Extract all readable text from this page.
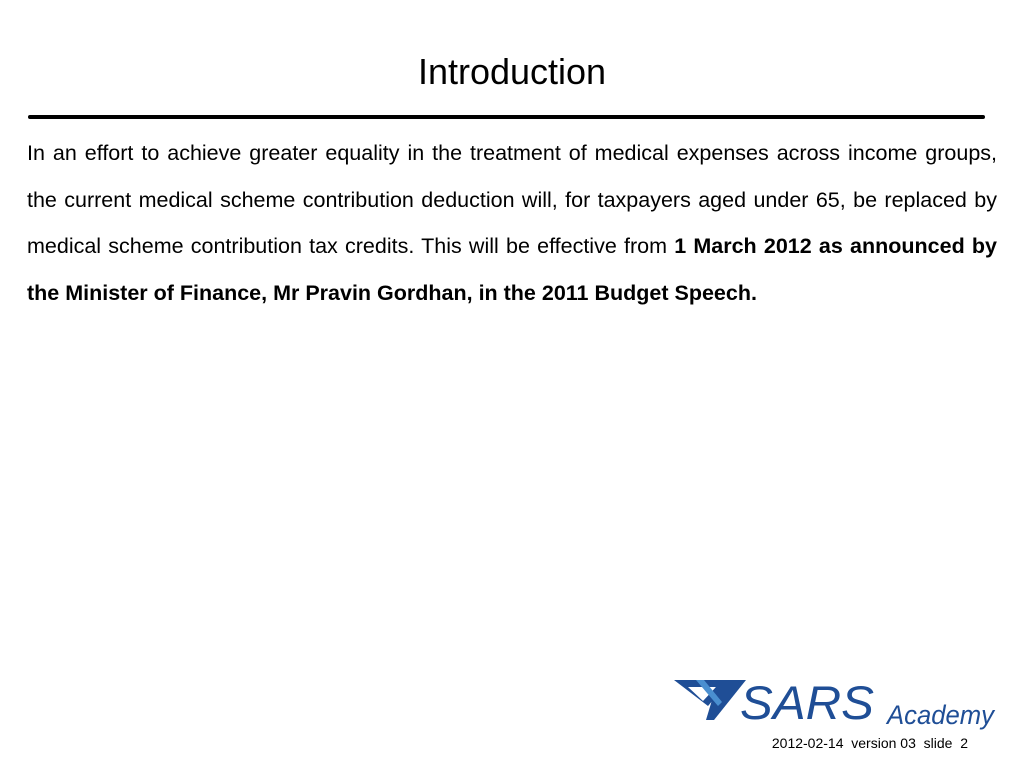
Introduction
In an effort to achieve greater equality in the treatment of medical expenses across income groups, the current medical scheme contribution deduction will, for taxpayers aged under 65, be replaced by medical scheme contribution tax credits. This will be effective from 1 March 2012 as announced by the Minister of Finance, Mr Pravin Gordhan, in the 2011 Budget Speech.
SARS Academy
2012-02-14  version 03  slide  2
